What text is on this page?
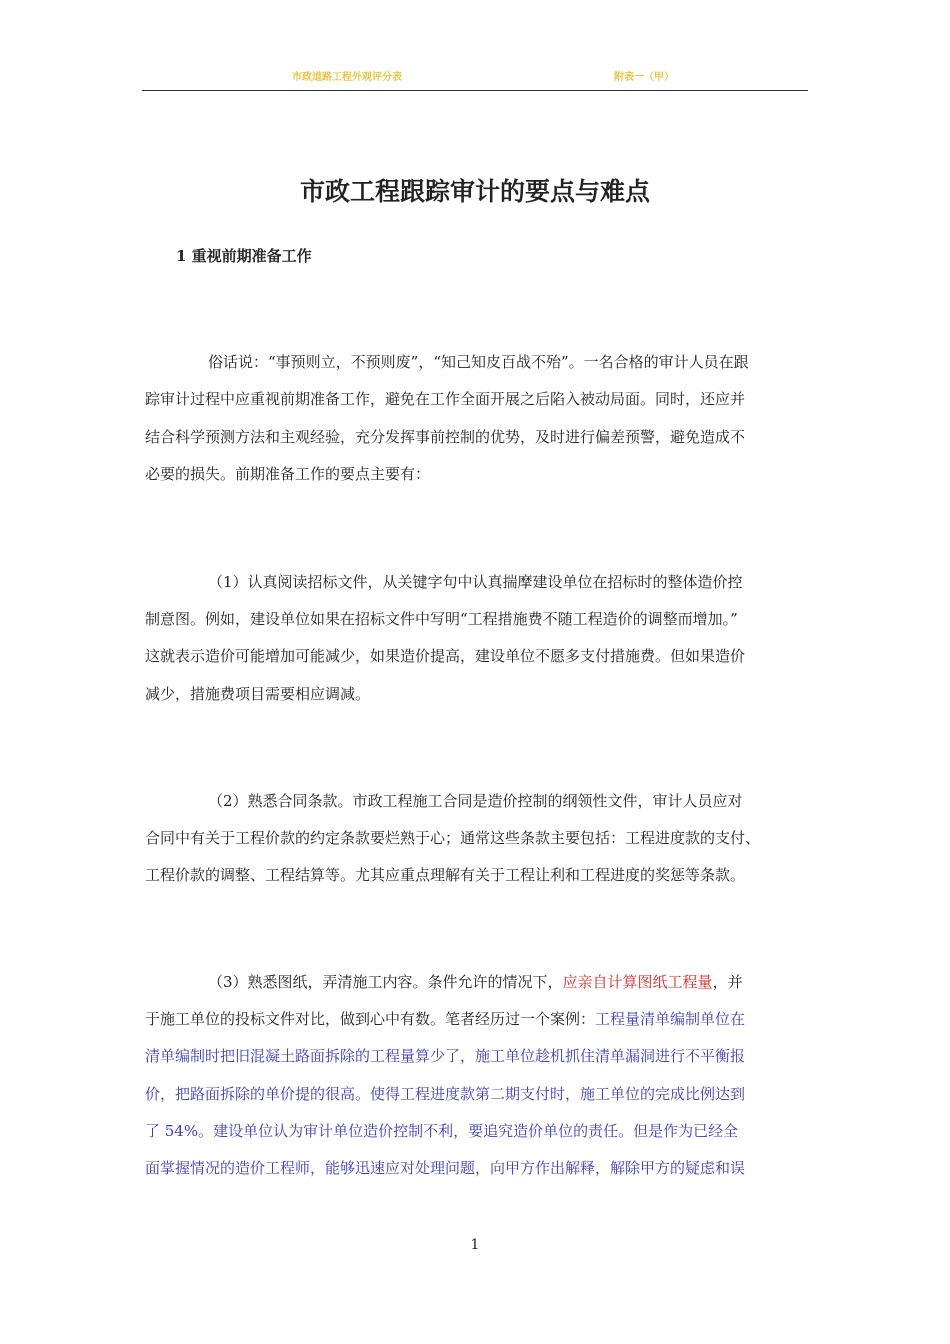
市政道路工程外观评分表	附表一（甲）
市政工程跟踪审计的要点与难点
1 重视前期准备工作
俗话说：“事预则立，不预则废”，“知己知皮百战不殆”。一名合格的审计人员在跟
踪审计过程中应重视前期准备工作，避免在工作全面开展之后陷入被动局面。同时，还应并
结合科学预测方法和主观经验，充分发挥事前控制的优势，及时进行偏差预警，避免造成不
必要的损失。前期准备工作的要点主要有：
（1）认真阅读招标文件，从关键字句中认真揣摩建设单位在招标时的整体造价控
制意图。例如，建设单位如果在招标文件中写明“工程措施费不随工程造价的调整而增加。”
这就表示造价可能增加可能减少，如果造价提高，建设单位不愿多支付措施费。但如果造价
减少，措施费项目需要相应调减。
（2）熟悉合同条款。市政工程施工合同是造价控制的纲领性文件，审计人员应对
合同中有关于工程价款的约定条款要烂熟于心；通常这些条款主要包括：工程进度款的支付、
工程价款的调整、工程结算等。尤其应重点理解有关于工程让利和工程进度的奖惩等条款。
（3）熟悉图纸，弄清施工内容。条件允许的情况下，应亲自计算图纸工程量，并
于施工单位的投标文件对比，做到心中有数。笔者经历过一个案例：工程量清单编制单位在
清单编制时把旧混凝土路面拆除的工程量算少了，施工单位趁机抓住清单漏洞进行不平衡报
价，把路面拆除的单价提的很高。使得工程进度款第二期支付时，施工单位的完成比例达到
了 54%。建设单位认为审计单位造价控制不利，要追究造价单位的责任。但是作为已经全
面掌握情况的造价工程师，能够迅速应对处理问题，向甲方作出解释，解除甲方的疑虑和误
1
